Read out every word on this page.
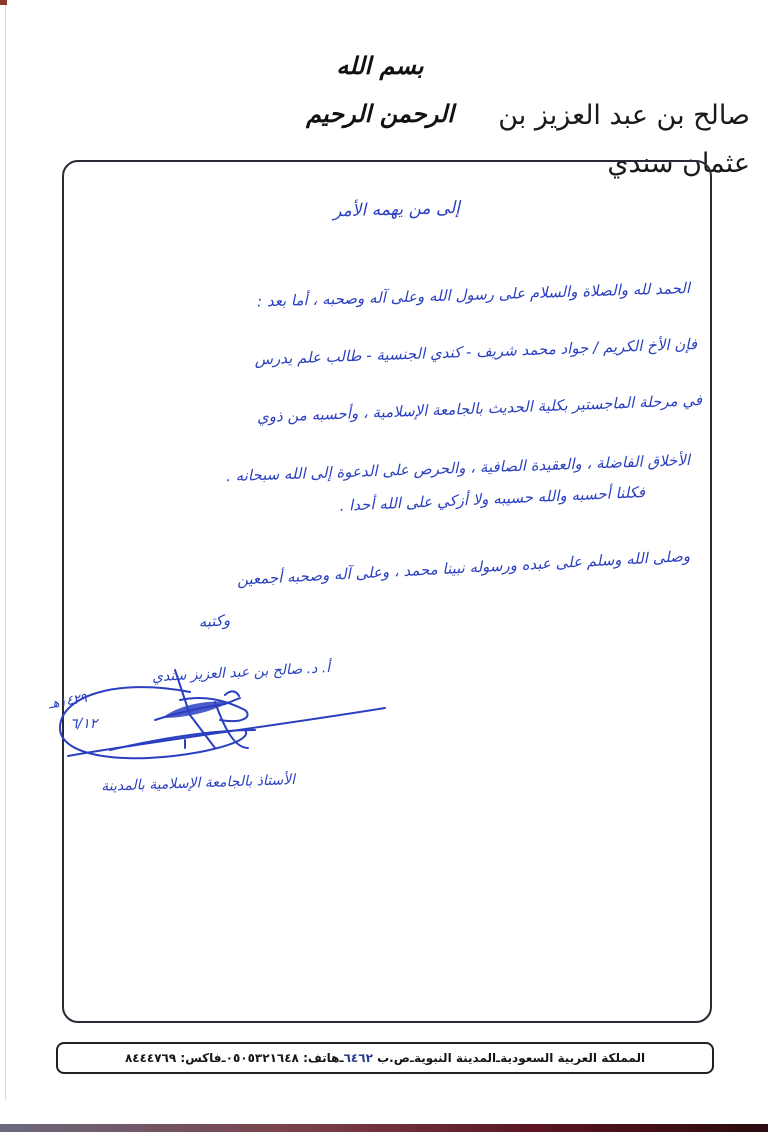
بسم الله الرحمن الرحيم	صالح بن عبد العزيز بن عثمان سندي
إلى من يهمه الأمر
الحمد لله والصلاة والسلام على رسول الله وعلى آله وصحبه ، أما بعد :
فإن الأخ الكريم / جواد محمد شريف - كندي الجنسية - طالب علم يدرس
في مرحلة الماجستير بكلية الحديث بالجامعة الإسلامية ، وأحسبه من ذوي
الأخلاق الفاضلة ، والعقيدة الصافية ، والحرص على الدعوة إلى الله سبحانه .
فكلنا أحسبه والله حسيبه ولا أزكي على الله أحدا .
وصلى الله وسلم على عبده ورسوله نبينا محمد ، وعلى آله وصحبه أجمعين
وكتبه
أ. د. صالح بن عبد العزيز سندي
١٤٢٩هـ
٦/١٢
الأستاذ بالجامعة الإسلامية بالمدينة
المملكة العربية السعودية
ـ
المدينة النبوية
ـ
ص.ب

٦٤٦٢
ـ
هاتف:

٠٥٠٥٣٢١٦٤٨
ـ
فاكس:

٨٤٤٤٧٦٩
